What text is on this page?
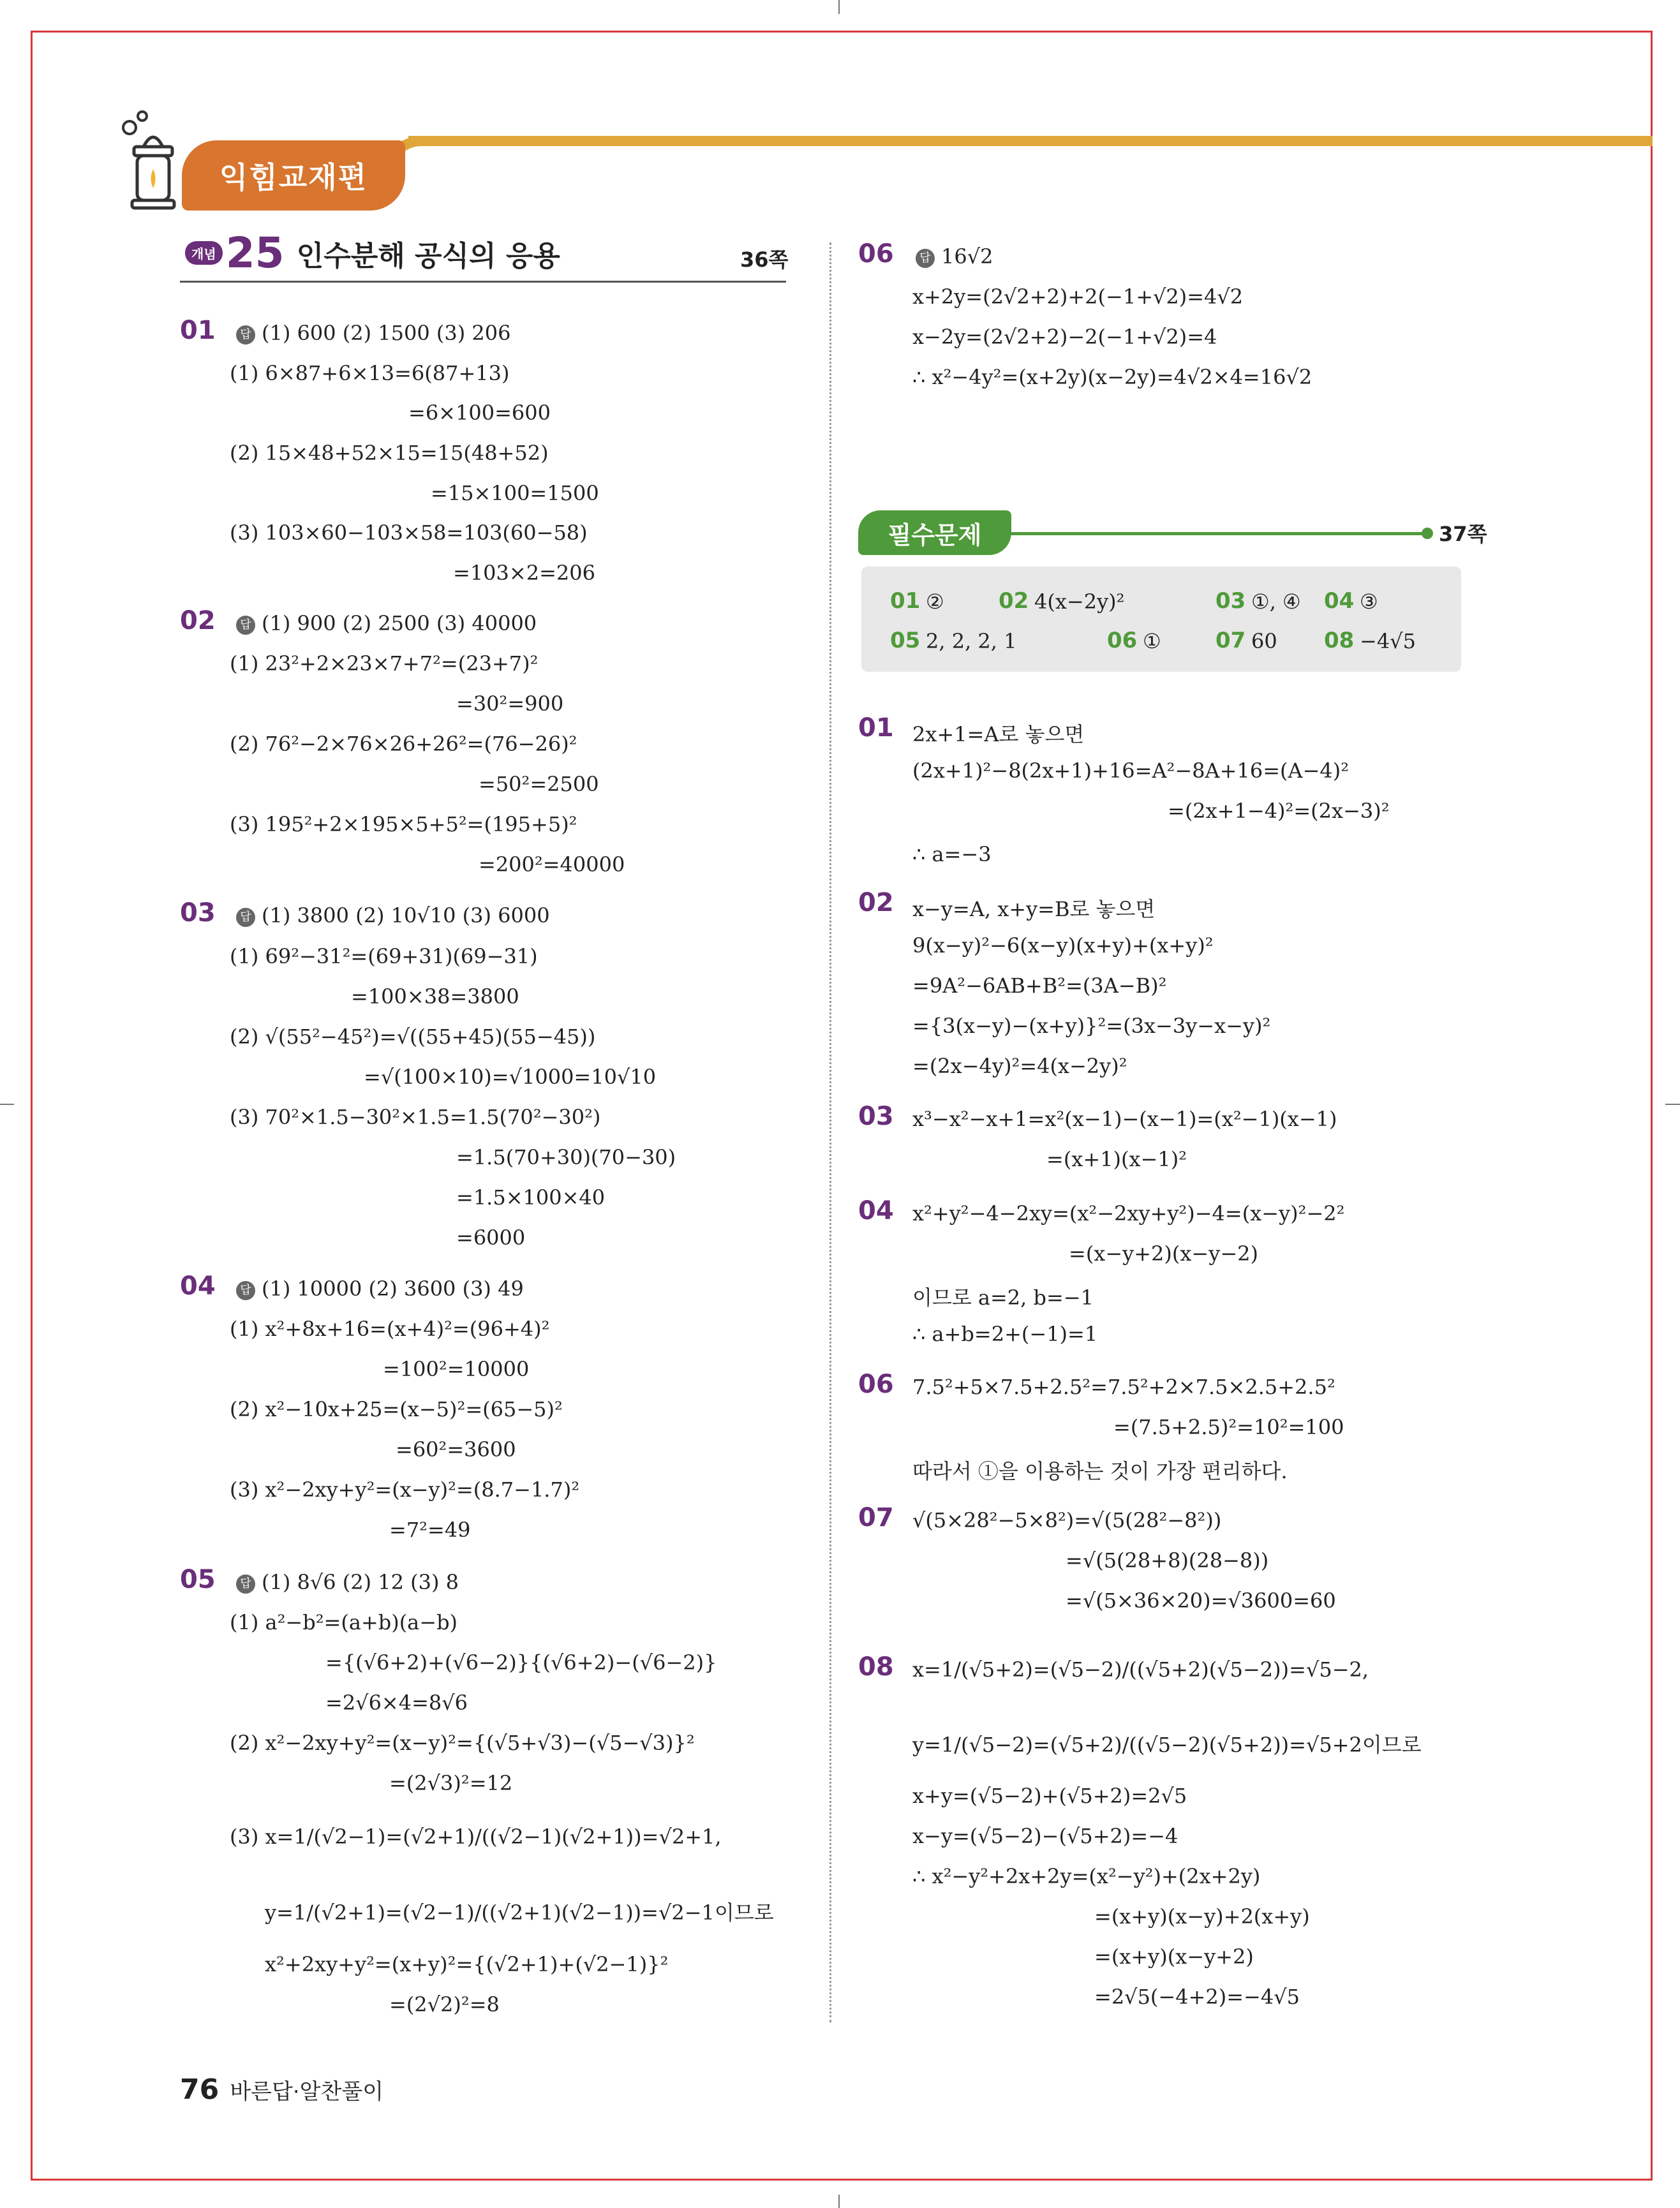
익힘교재편
개념 25 인수분해 공식의 응용	36쪽
01	답 (1) 600 (2) 1500 (3) 206
(1) 6×87+6×13=6(87+13)
=6×100=600
(2) 15×48+52×15=15(48+52)
=15×100=1500
(3) 103×60−103×58=103(60−58)
=103×2=206
02	답 (1) 900 (2) 2500 (3) 40000
(1) 23²+2×23×7+7²=(23+7)²
=30²=900
(2) 76²−2×76×26+26²=(76−26)²
=50²=2500
(3) 195²+2×195×5+5²=(195+5)²
=200²=40000
03	답 (1) 3800 (2) 10√10 (3) 6000
(1) 69²−31²=(69+31)(69−31)
=100×38=3800
(2) √(55²−45²)=√((55+45)(55−45))
=√(100×10)=√1000=10√10
(3) 70²×1.5−30²×1.5=1.5(70²−30²)
=1.5(70+30)(70−30)
=1.5×100×40
=6000
04	답 (1) 10000 (2) 3600 (3) 49
(1) x²+8x+16=(x+4)²=(96+4)²
=100²=10000
(2) x²−10x+25=(x−5)²=(65−5)²
=60²=3600
(3) x²−2xy+y²=(x−y)²=(8.7−1.7)²
=7²=49
05	답 (1) 8√6 (2) 12 (3) 8
(1) a²−b²=(a+b)(a−b)
={(√6+2)+(√6−2)}{(√6+2)−(√6−2)}
=2√6×4=8√6
(2) x²−2xy+y²=(x−y)²={(√5+√3)−(√5−√3)}²
=(2√3)²=12
(3) x=1/(√2−1)=(√2+1)/((√2−1)(√2+1))=√2+1,
y=1/(√2+1)=(√2−1)/((√2+1)(√2−1))=√2−1이므로
x²+2xy+y²=(x+y)²={(√2+1)+(√2−1)}²
=(2√2)²=8
06	답 16√2
x+2y=(2√2+2)+2(−1+√2)=4√2
x−2y=(2√2+2)−2(−1+√2)=4
∴ x²−4y²=(x+2y)(x−2y)=4√2×4=16√2
필수문제	37쪽
01 ②	02 4(x−2y)²	03 ①, ④ 04 ③
05 2, 2, 2, 1	06 ①	07 60 08 −4√5
01 2x+1=A로 놓으면
(2x+1)²−8(2x+1)+16=A²−8A+16=(A−4)²
=(2x+1−4)²=(2x−3)²
∴ a=−3
02 x−y=A, x+y=B로 놓으면
9(x−y)²−6(x−y)(x+y)+(x+y)²
=9A²−6AB+B²=(3A−B)²
={3(x−y)−(x+y)}²=(3x−3y−x−y)²
=(2x−4y)²=4(x−2y)²
03 x³−x²−x+1=x²(x−1)−(x−1)=(x²−1)(x−1)
=(x+1)(x−1)²
04 x²+y²−4−2xy=(x²−2xy+y²)−4=(x−y)²−2²
=(x−y+2)(x−y−2)
이므로 a=2, b=−1
∴ a+b=2+(−1)=1
06 7.5²+5×7.5+2.5²=7.5²+2×7.5×2.5+2.5²
=(7.5+2.5)²=10²=100
따라서 ①을 이용하는 것이 가장 편리하다.
07 √(5×28²−5×8²)=√(5(28²−8²))
=√(5(28+8)(28−8))
=√(5×36×20)=√3600=60
08 x=1/(√5+2)=(√5−2)/((√5+2)(√5−2))=√5−2,
y=1/(√5−2)=(√5+2)/((√5−2)(√5+2))=√5+2이므로
x+y=(√5−2)+(√5+2)=2√5
x−y=(√5−2)−(√5+2)=−4
∴ x²−y²+2x+2y=(x²−y²)+(2x+2y)
=(x+y)(x−y)+2(x+y)
=(x+y)(x−y+2)
=2√5(−4+2)=−4√5
76 바른답·알찬풀이
